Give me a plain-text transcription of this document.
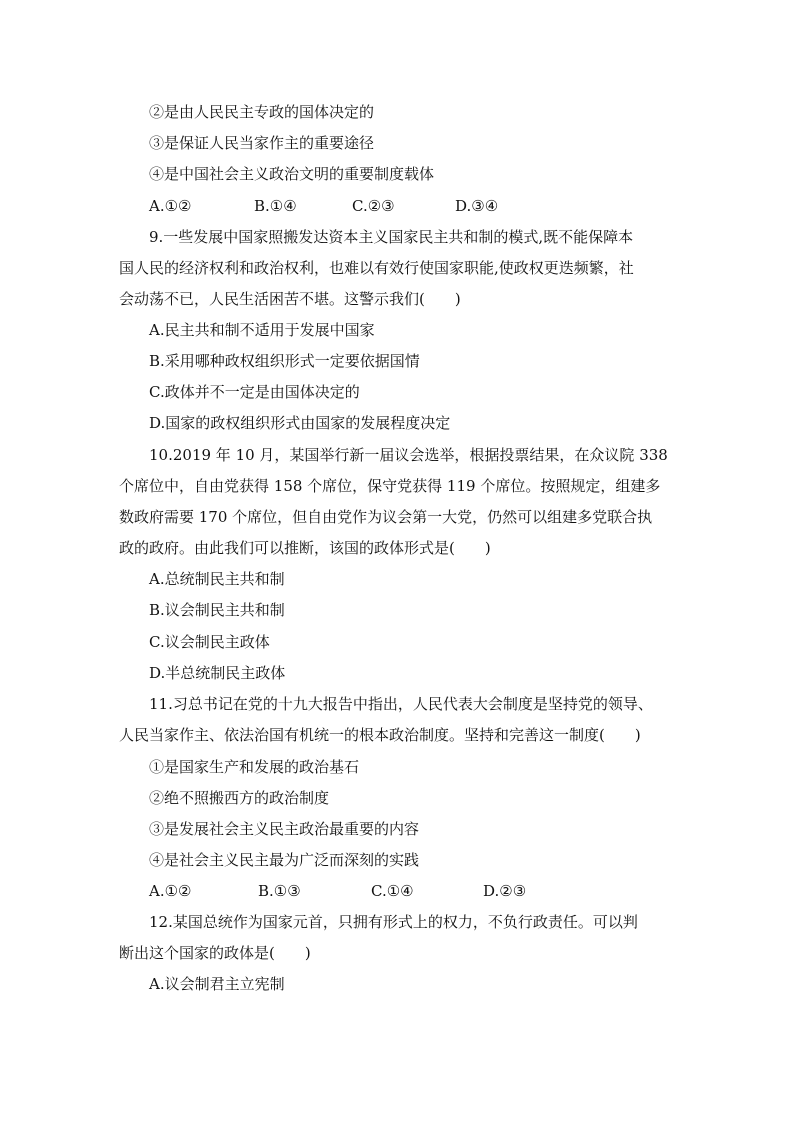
②是由人民民主专政的国体决定的
③是保证人民当家作主的重要途径
④是中国社会主义政治文明的重要制度载体
A.①②	B.①④	C.②③	D.③④
9.一些发展中国家照搬发达资本主义国家民主共和制的模式,既不能保障本
国人民的经济权利和政治权利，也难以有效行使国家职能,使政权更迭频繁，社
会动荡不已，人民生活困苦不堪。这警示我们(　　)
A.民主共和制不适用于发展中国家
B.采用哪种政权组织形式一定要依据国情
C.政体并不一定是由国体决定的
D.国家的政权组织形式由国家的发展程度决定
10.2019 年 10 月，某国举行新一届议会选举，根据投票结果，在众议院 338
个席位中，自由党获得 158 个席位，保守党获得 119 个席位。按照规定，组建多
数政府需要 170 个席位，但自由党作为议会第一大党，仍然可以组建多党联合执
政的政府。由此我们可以推断，该国的政体形式是(　　)
A.总统制民主共和制
B.议会制民主共和制
C.议会制民主政体
D.半总统制民主政体
11.习总书记在党的十九大报告中指出，人民代表大会制度是坚持党的领导、
人民当家作主、依法治国有机统一的根本政治制度。坚持和完善这一制度(　　)
①是国家生产和发展的政治基石
②绝不照搬西方的政治制度
③是发展社会主义民主政治最重要的内容
④是社会主义民主最为广泛而深刻的实践
A.①②	B.①③	C.①④	D.②③
12.某国总统作为国家元首，只拥有形式上的权力，不负行政责任。可以判
断出这个国家的政体是(　　)
A.议会制君主立宪制
